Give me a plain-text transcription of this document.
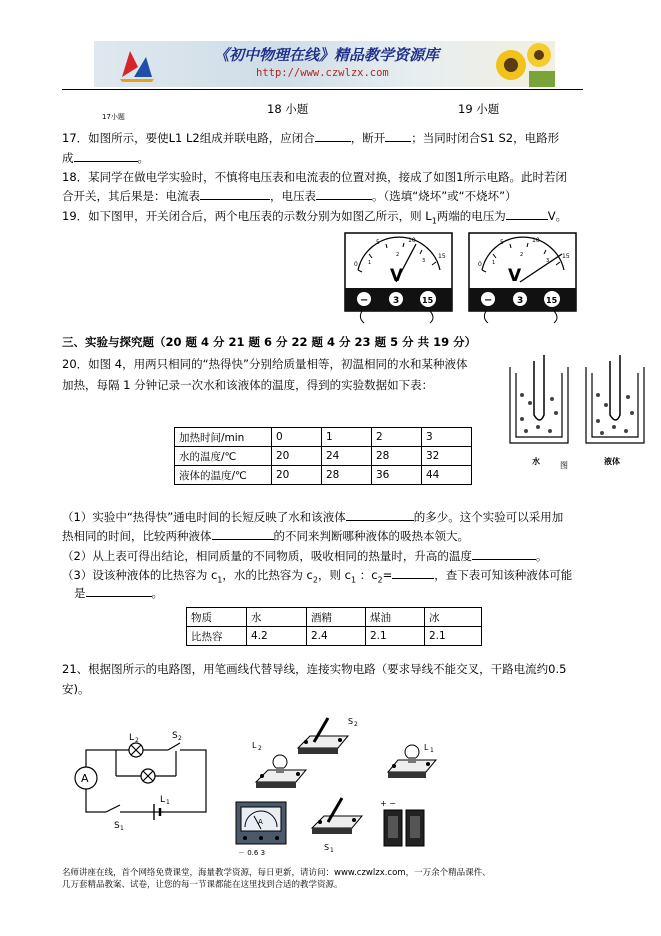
《初中物理在线》精品教学资源库
http://www.czwlzx.com
17小题
18 小题	19 小题
17．如图所示，要使L1 L2组成并联电路，应闭合	，断开 ；当同时闭合S1 S2，电路形
成	。
18．某同学在做电学实验时，不慎将电压表和电流表的位置对换，接成了如图1所示电路。此时若闭
合开关，其后果是：电流表	，电压表	。（选填“烧坏”或“不烧坏”）
19．如下图甲，开关闭合后，两个电压表的示数分别为如图乙所示，则 $L_1$两端的电压为	V。
0
5	10
15
1
2
3
V
−	3	15
0
5	10
15
1
2
3
V
−	3	15
三、实验与探究题（20 题 4 分 21 题 6 分 22 题 4 分 23 题 5 分 共 19 分）
20．如图 4，用两只相同的“热得快”分别给质量相等，初温相同的水和某种液体
加热，每隔 1 分钟记录一次水和该液体的温度，得到的实验数据如下表：
水	图	液体
加热时间/min	0	1	2	3
水的温度/℃	20	24	28	32
液体的温度/℃	20	28	36	44
（1）实验中“热得快”通电时间的长短反映了水和该液体	的多少。这个实验可以采用加
热相同的时间，比较两种液体	的不同来判断哪种液体的吸热本领大。
（2）从上表可得出结论，相同质量的不同物质，吸收相同的热量时，升高的温度	。
（3）设该种液体的比热容为 $c_1$，水的比热容为 $c_2$，则 $c_1$ ：$c_2=$	，查下表可知该种液体可能
是	。
物质	水	酒精	煤油	冰
比热容	4.2	2.4	2.1	2.1
21、根据图所示的电路图，用笔画线代替导线，连接实物电路（要求导线不能交叉，干路电流约0.5
安)。
A
L 2	S 2
L 1
S 1
L 2
S 2
L 1
A
－ 0.6 3
S 1
+ −
名师讲座在线，首个网络免费课堂，海量教学资源，每日更新，请访问：www.czwlzx.com，一万余个精品课件、
几万套精品教案、试卷，让您的每一节课都能在这里找到合适的教学资源。
